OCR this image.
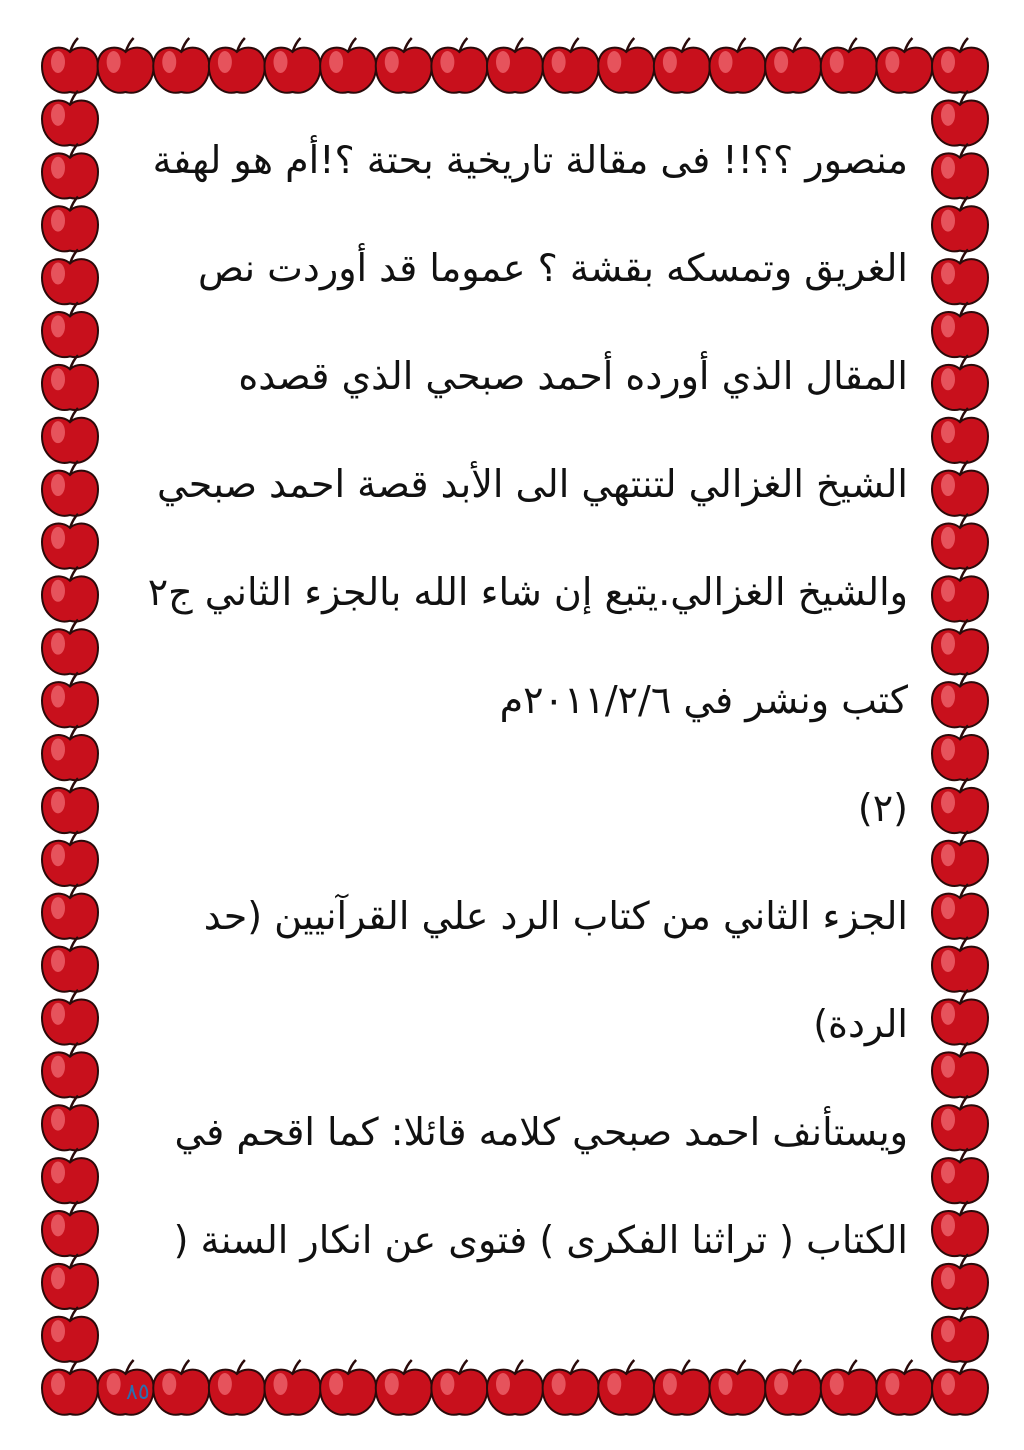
منصور ؟؟!! فى مقالة تاريخية بحتة ؟!أم هو لهفة
الغريق وتمسكه بقشة ؟ عموما قد أوردت نص
المقال الذي أورده أحمد صبحي الذي قصده
الشيخ الغزالي لتنتهي الى الأبد قصة احمد صبحي
والشيخ الغزالي.يتبع إن شاء الله بالجزء الثاني ج٢
كتب ونشر في ٢٠١١/٢/٦م
(٢)
الجزء الثاني من كتاب الرد علي القرآنيين (حد
الردة)
ويستأنف احمد صبحي كلامه قائلا: كما اقحم في
الكتاب ( تراثنا الفكرى ) فتوى عن انكار السنة (
٨٥
